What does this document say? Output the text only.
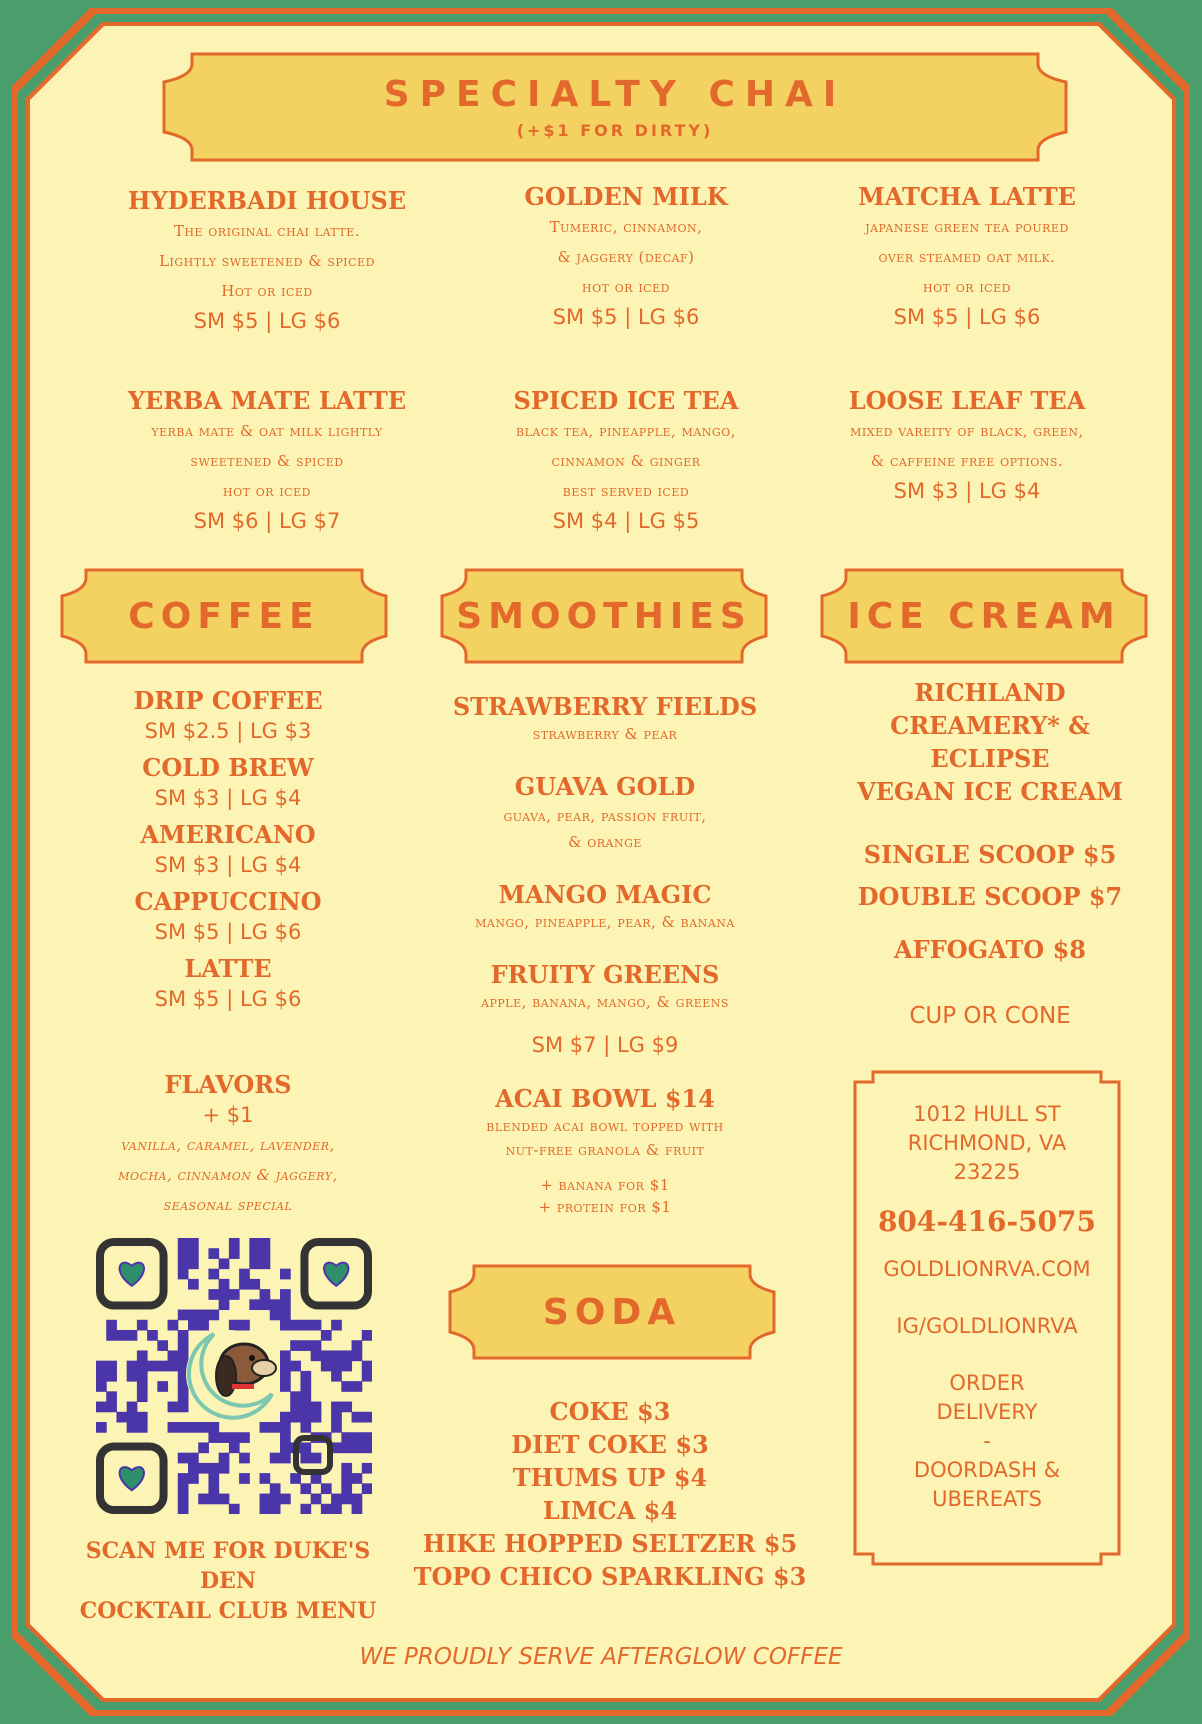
SPECIALTY CHAI
(+$1 FOR DIRTY)
HYDERBADI HOUSE
The original chai latte.
Lightly sweetened & spiced
Hot or iced
SM $5 | LG $6
GOLDEN MILK
Tumeric, cinnamon,
& jaggery (decaf)
hot or iced
SM $5 | LG $6
MATCHA LATTE
japanese green tea poured
over steamed oat milk.
hot or iced
SM $5 | LG $6
YERBA MATE LATTE
yerba mate & oat milk lightly
sweetened & spiced
hot or iced
SM $6 | LG $7
SPICED ICE TEA
black tea, pineapple, mango,
cinnamon & ginger
best served iced
SM $4 | LG $5
LOOSE LEAF TEA
mixed vareity of black, green,
& caffeine free options.
SM $3 | LG $4
COFFEE	SMOOTHIES	ICE CREAM
DRIP COFFEE
SM $2.5 | LG $3
COLD BREW
SM $3 | LG $4
AMERICANO
SM $3 | LG $4
CAPPUCCINO
SM $5 | LG $6
LATTE
SM $5 | LG $6
FLAVORS
+ $1
vanilla, caramel, lavender,
mocha, cinnamon & jaggery,
seasonal special
SCAN ME FOR DUKE'S DEN
COCKTAIL CLUB MENU
STRAWBERRY FIELDS
strawberry & pear
GUAVA GOLD
guava, pear, passion fruit,
& orange
MANGO MAGIC
mango, pineapple, pear, & banana
FRUITY GREENS
apple, banana, mango, & greens
SM $7 | LG $9
ACAI BOWL $14
blended acai bowl topped with
nut-free granola & fruit
+ banana for $1
+ protein for $1
SODA
COKE $3
DIET COKE $3
THUMS UP $4
LIMCA $4
HIKE HOPPED SELTZER $5
TOPO CHICO SPARKLING $3
RICHLAND
CREAMERY* &
ECLIPSE
VEGAN ICE CREAM
SINGLE SCOOP $5
DOUBLE SCOOP $7
AFFOGATO $8
CUP OR CONE
1012 HULL ST
RICHMOND, VA
23225
804-416-5075
GOLDLIONRVA.COM
IG/GOLDLIONRVA
ORDER
DELIVERY
-
DOORDASH &
UBEREATS
WE PROUDLY SERVE AFTERGLOW COFFEE
